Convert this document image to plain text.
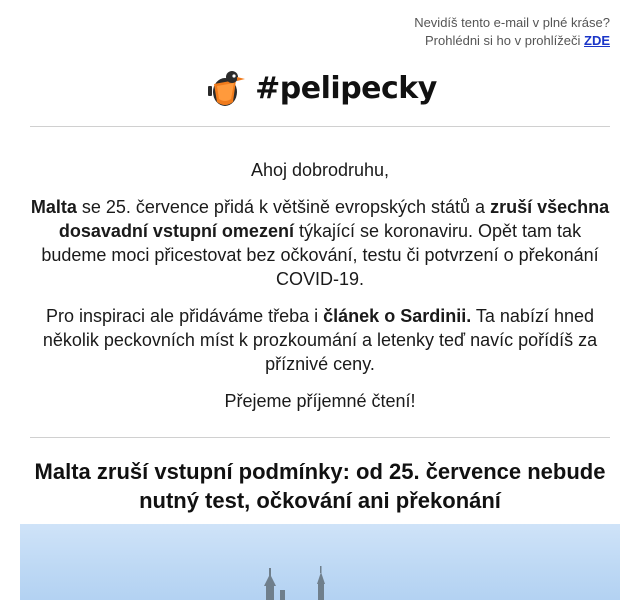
Nevidíš tento e-mail v plné kráse?
Prohlédni si ho v prohlížeči ZDE
#pelipecky

Ahoj dobrodruhu,

Malta se 25. července přidá k většině evropských států a zruší všechna dosavadní vstupní omezení týkající se koronaviru. Opět tam tak budeme moci přicestovat bez očkování, testu či potvrzení o překonání COVID-19.

Pro inspiraci ale přidáváme třeba i článek o Sardinii. Ta nabízí hned několik peckovních míst k prozkoumání a letenky teď navíc pořídíš za příznivé ceny.

Přejeme příjemné čtení!

Malta zruší vstupní podmínky: od 25. července nebude nutný test, očkování ani překonání
